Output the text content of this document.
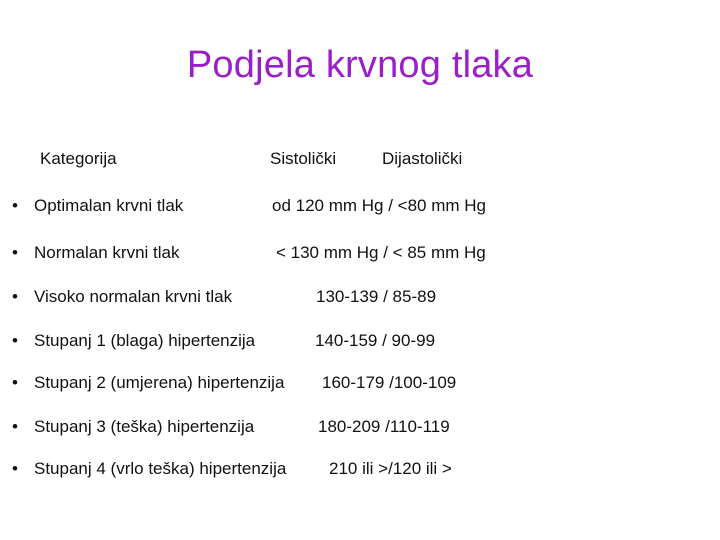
Podjela krvnog tlaka
Kategorija	Sistolički	Dijastolički
• Optimalan krvni tlak	od 120 mm Hg / <80 mm Hg
• Normalan krvni tlak	< 130 mm Hg / < 85 mm Hg
• Visoko normalan krvni tlak	130-139 / 85-89
• Stupanj 1 (blaga) hipertenzija	140-159 / 90-99
• Stupanj 2 (umjerena) hipertenzija 160-179 /100-109
• Stupanj 3 (teška) hipertenzija	180-209 /110-119
• Stupanj 4 (vrlo teška) hipertenzija	210 ili >/120 ili >
